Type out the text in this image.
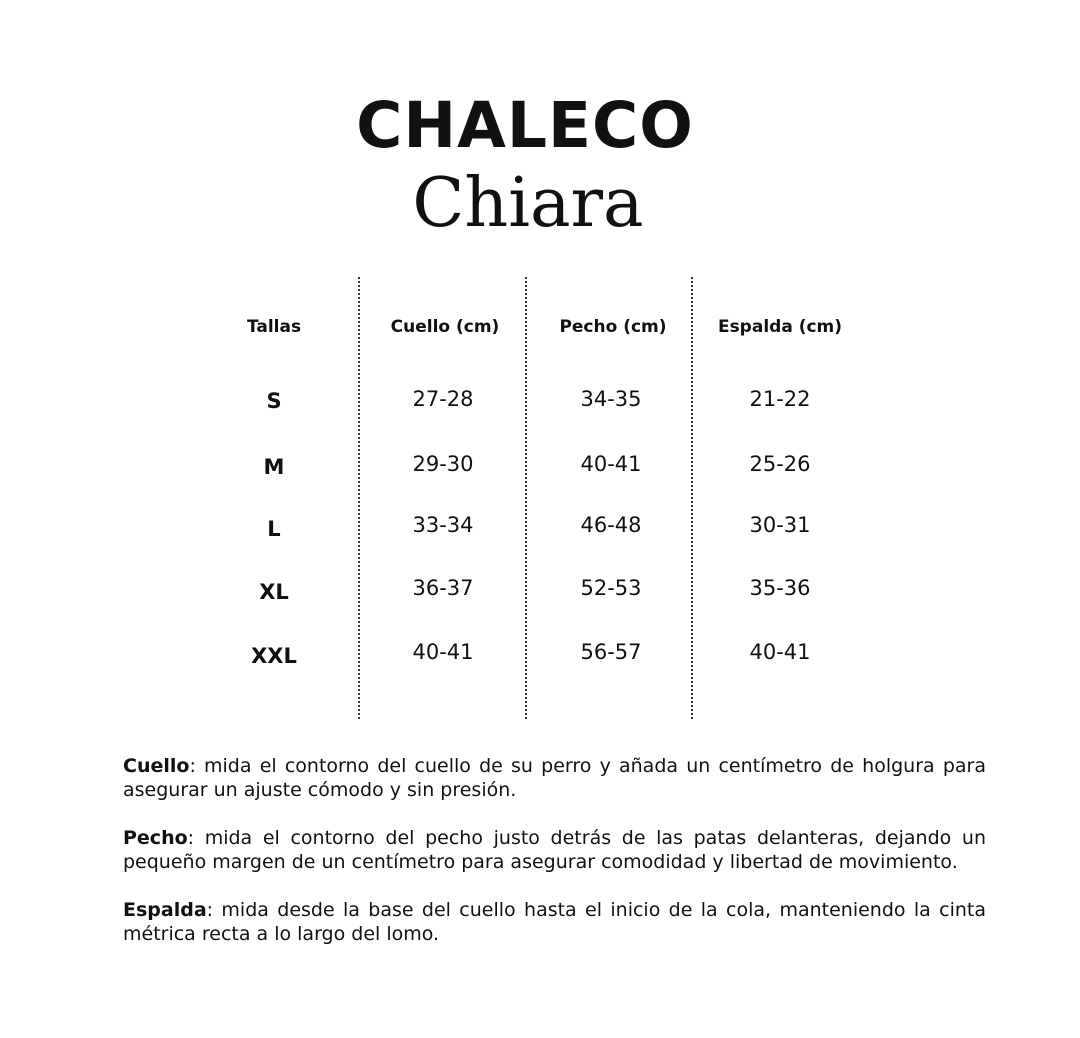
CHALECO
Chiara
Tallas	Cuello (cm)	Pecho (cm)	Espalda (cm)
S	27-28	34-35	21-22
M	29-30	40-41	25-26
L	33-34	46-48	30-31
XL	36-37	52-53	35-36
XXL	40-41	56-57	40-41

Cuello: mida el contorno del cuello de su perro y añada un centímetro de holgura para asegurar un ajuste cómodo y sin presión.

Pecho: mida el contorno del pecho justo detrás de las patas delanteras, dejando un pequeño margen de un centímetro para asegurar comodidad y libertad de movimiento.

Espalda: mida desde la base del cuello hasta el inicio de la cola, manteniendo la cinta métrica recta a lo largo del lomo.
